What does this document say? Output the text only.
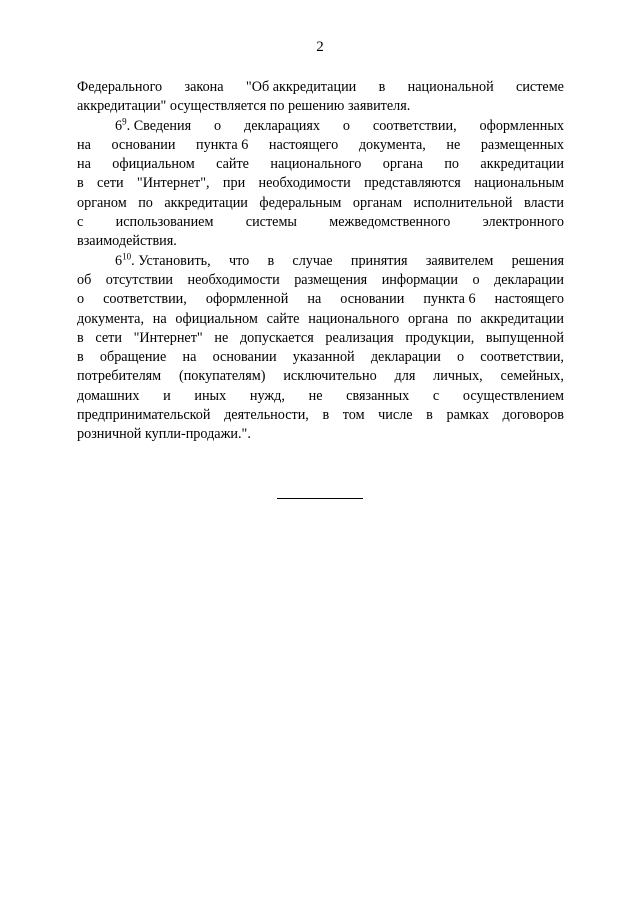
2
Федерального закона "Об аккредитации в национальной системе
аккредитации" осуществляется по решению заявителя.
$6^9$. Сведения о декларациях о соответствии, оформленных
на основании пункта 6 настоящего документа, не размещенных
на официальном сайте национального органа по аккредитации
в сети "Интернет", при необходимости представляются национальным
органом по аккредитации федеральным органам исполнительной власти
с использованием системы межведомственного электронного
взаимодействия.
$6^{10}$. Установить, что в случае принятия заявителем решения
об отсутствии необходимости размещения информации о декларации
о соответствии, оформленной на основании пункта 6 настоящего
документа, на официальном сайте национального органа по аккредитации
в сети "Интернет" не допускается реализация продукции, выпущенной
в обращение на основании указанной декларации о соответствии,
потребителям (покупателям) исключительно для личных, семейных,
домашних и иных нужд, не связанных с осуществлением
предпринимательской деятельности, в том числе в рамках договоров
розничной купли-продажи.".
